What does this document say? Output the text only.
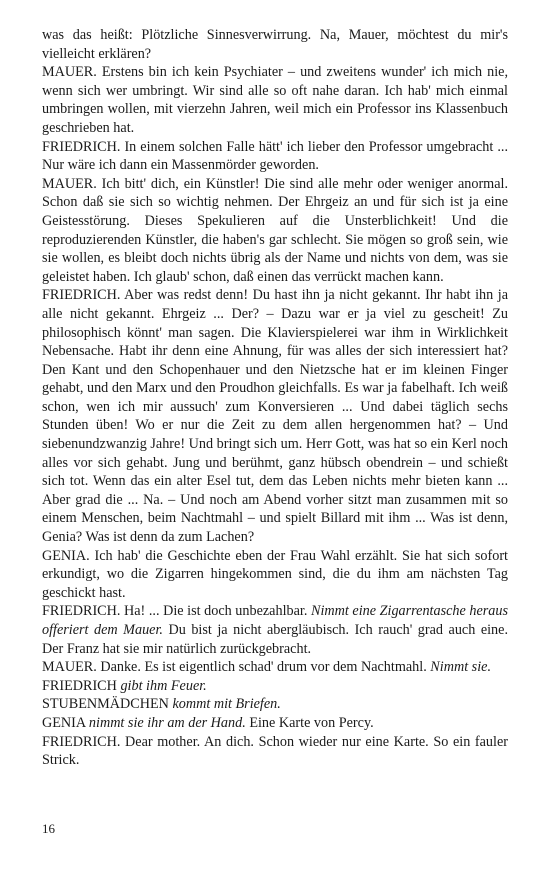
was das heißt: Plötzliche Sinnesverwirrung. Na, Mauer, möchtest du mir's vielleicht erklären?

MAUER. Erstens bin ich kein Psychiater – und zweitens wunder' ich mich nie, wenn sich wer umbringt. Wir sind alle so oft nahe daran. Ich hab' mich einmal umbringen wollen, mit vierzehn Jahren, weil mich ein Professor ins Klassenbuch geschrieben hat.

FRIEDRICH. In einem solchen Falle hätt' ich lieber den Professor umgebracht ... Nur wäre ich dann ein Massenmörder geworden.

MAUER. Ich bitt' dich, ein Künstler! Die sind alle mehr oder weniger anormal. Schon daß sie sich so wichtig nehmen. Der Ehrgeiz an und für sich ist ja eine Geistesstörung. Dieses Spekulieren auf die Unsterblichkeit! Und die reproduzierenden Künstler, die haben's gar schlecht. Sie mögen so groß sein, wie sie wollen, es bleibt doch nichts übrig als der Name und nichts von dem, was sie geleistet haben. Ich glaub' schon, daß einen das verrückt machen kann.

FRIEDRICH. Aber was redst denn! Du hast ihn ja nicht gekannt. Ihr habt ihn ja alle nicht gekannt. Ehrgeiz ... Der? – Dazu war er ja viel zu gescheit! Zu philosophisch könnt' man sagen. Die Klavierspielerei war ihm in Wirklichkeit Nebensache. Habt ihr denn eine Ahnung, für was alles der sich interessiert hat? Den Kant und den Schopenhauer und den Nietzsche hat er im kleinen Finger gehabt, und den Marx und den Proudhon gleichfalls. Es war ja fabelhaft. Ich weiß schon, wen ich mir aussuch' zum Konversieren ... Und dabei täglich sechs Stunden üben! Wo er nur die Zeit zu dem allen hergenommen hat? – Und siebenundzwanzig Jahre! Und bringt sich um. Herr Gott, was hat so ein Kerl noch alles vor sich gehabt. Jung und berühmt, ganz hübsch obendrein – und schießt sich tot. Wenn das ein alter Esel tut, dem das Leben nichts mehr bieten kann ... Aber grad die ... Na. – Und noch am Abend vorher sitzt man zusammen mit so einem Menschen, beim Nachtmahl – und spielt Billard mit ihm ... Was ist denn, Genia? Was ist denn da zum Lachen?

GENIA. Ich hab' die Geschichte eben der Frau Wahl erzählt. Sie hat sich sofort erkundigt, wo die Zigarren hingekommen sind, die du ihm am nächsten Tag geschickt hast.

FRIEDRICH. Ha! ... Die ist doch unbezahlbar. Nimmt eine Zigarrentasche heraus offeriert dem Mauer. Du bist ja nicht abergläubisch. Ich rauch' grad auch eine. Der Franz hat sie mir natürlich zurückgebracht.

MAUER. Danke. Es ist eigentlich schad' drum vor dem Nachtmahl. Nimmt sie.

FRIEDRICH gibt ihm Feuer.

STUBENMÄDCHEN kommt mit Briefen.

GENIA nimmt sie ihr am der Hand. Eine Karte von Percy.

FRIEDRICH. Dear mother. An dich. Schon wieder nur eine Karte. So ein fauler Strick.

16
